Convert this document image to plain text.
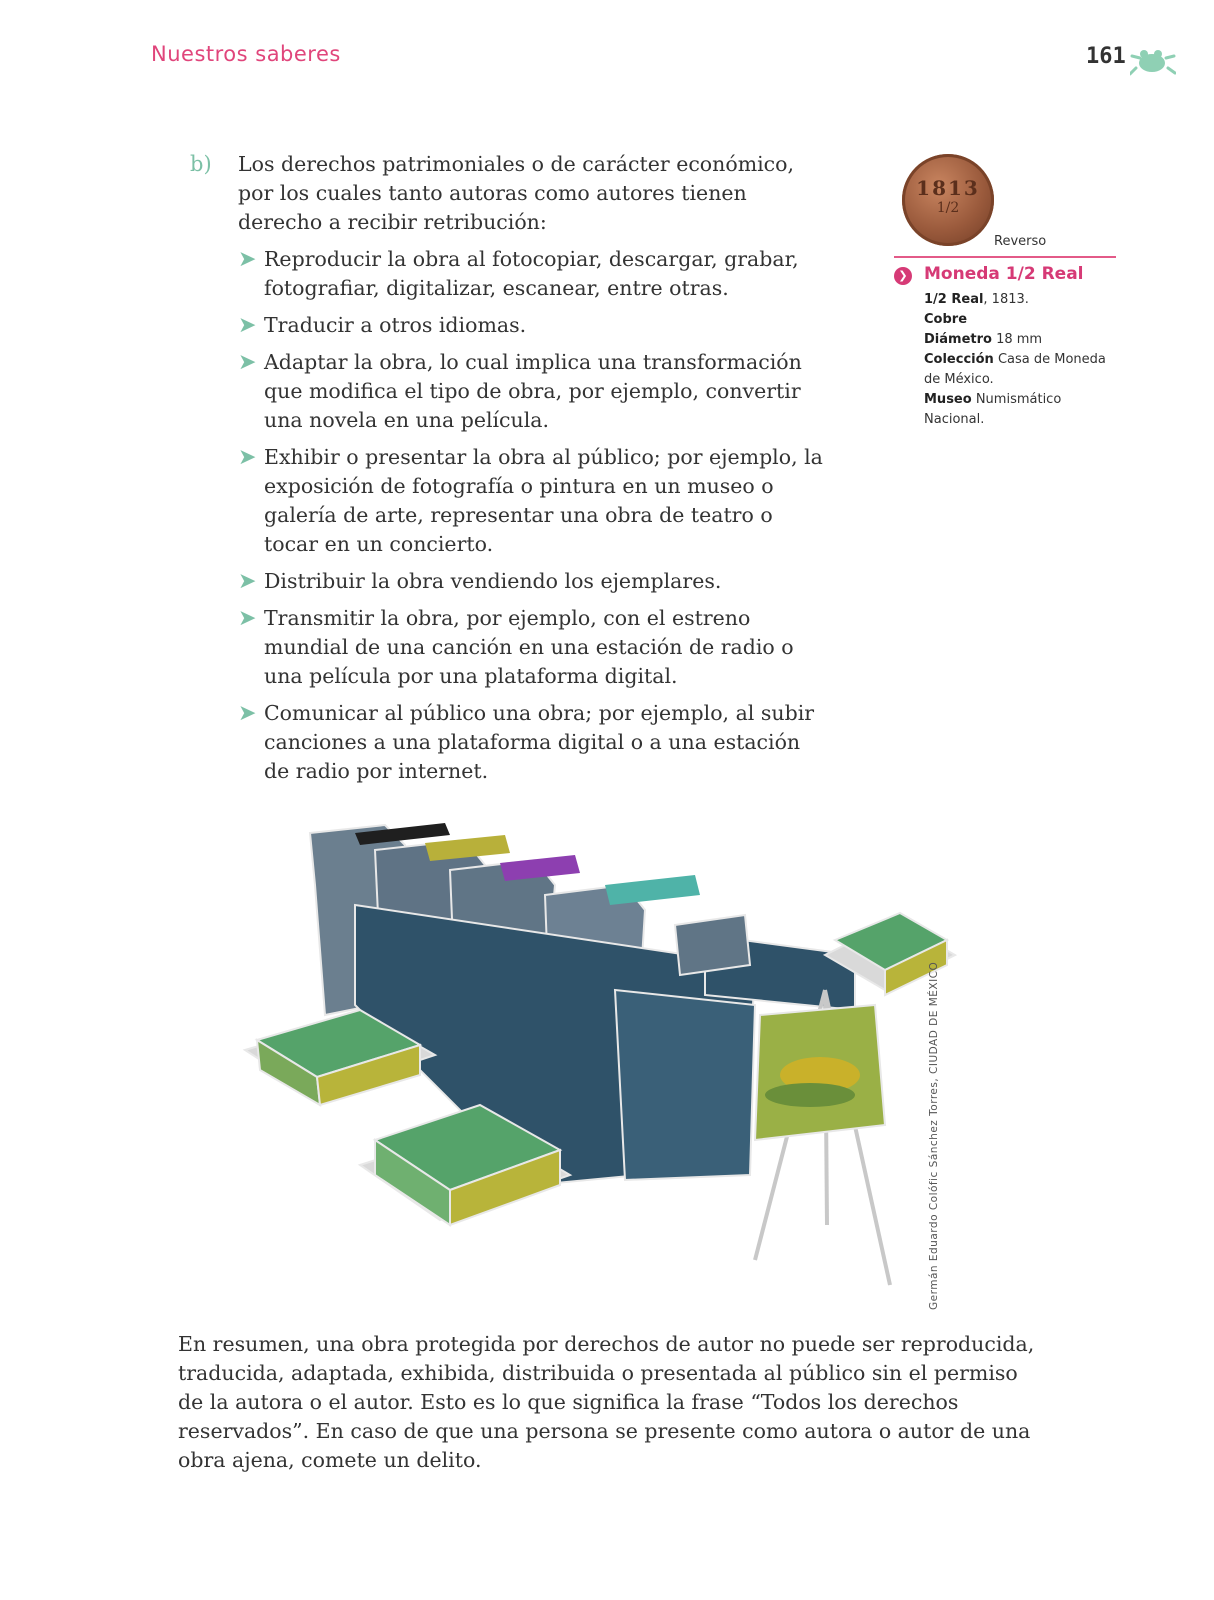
Nuestros saberes	161
b) Los derechos patrimoniales o de carácter económico, por los cuales tanto autoras como autores tienen derecho a recibir retribución:
➤ Reproducir la obra al fotocopiar, descargar, grabar, fotografiar, digitalizar, escanear, entre otras.
➤ Traducir a otros idiomas.
➤ Adaptar la obra, lo cual implica una transformación que modifica el tipo de obra, por ejemplo, convertir una novela en una película.
➤ Exhibir o presentar la obra al público; por ejemplo, la exposición de fotografía o pintura en un museo o galería de arte, representar una obra de teatro o tocar en un concierto.
➤ Distribuir la obra vendiendo los ejemplares.
➤ Transmitir la obra, por ejemplo, con el estreno mundial de una canción en una estación de radio o una película por una plataforma digital.
➤ Comunicar al público una obra; por ejemplo, al subir canciones a una plataforma digital o a una estación de radio por internet.
1813
1/2
Reverso
❯ Moneda 1/2 Real
1/2 Real, 1813.
Cobre
Diámetro 18 mm
Colección Casa de Moneda de México.
Museo Numismático Nacional.
Germán Eduardo Colófic Sánchez Torres, CIUDAD DE MÉXICO
En resumen, una obra protegida por derechos de autor no puede ser reproducida, traducida, adaptada, exhibida, distribuida o presentada al público sin el permiso de la autora o el autor. Esto es lo que significa la frase “Todos los derechos reservados”. En caso de que una persona se presente como autora o autor de una obra ajena, comete un delito.
